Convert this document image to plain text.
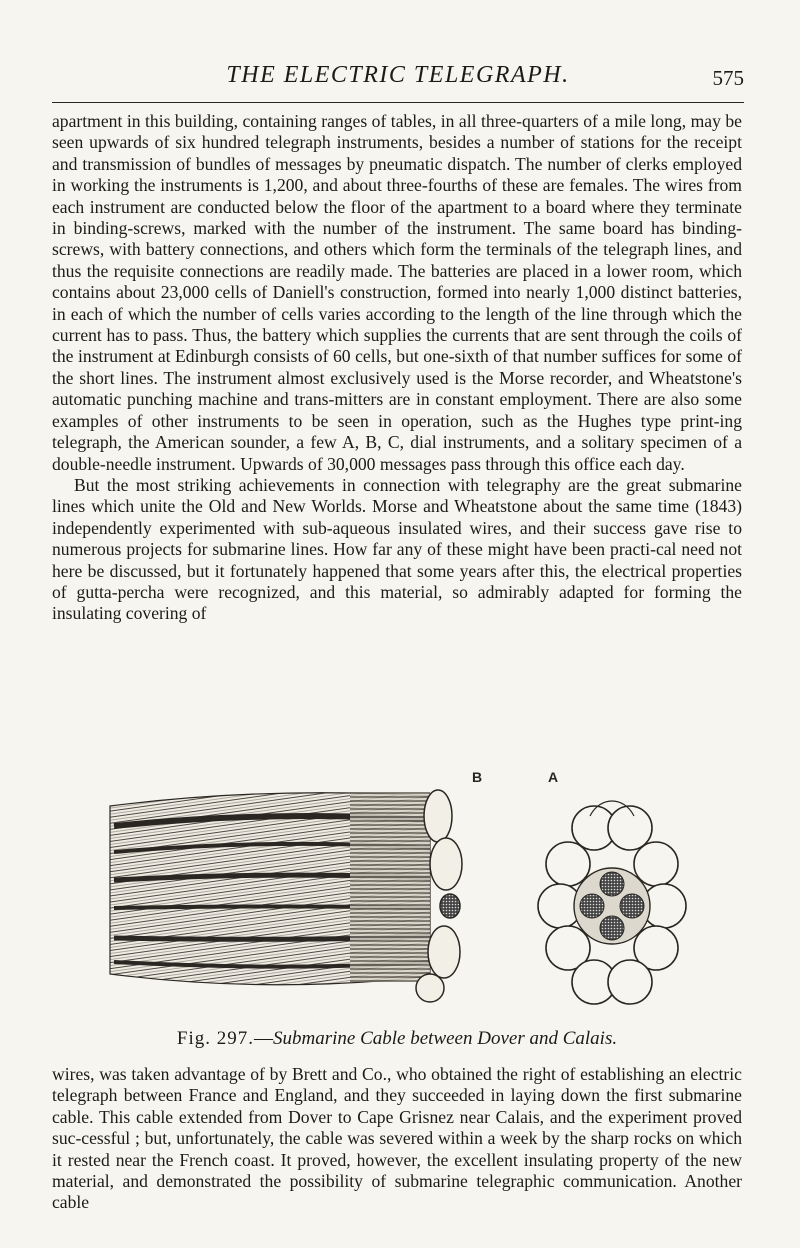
THE ELECTRIC TELEGRAPH.	575

apartment in this building, containing ranges of tables, in all three-quarters of a mile long, may be seen upwards of six hundred telegraph instruments, besides a number of stations for the receipt and transmission of bundles of messages by pneumatic dispatch. The number of clerks employed in working the instruments is 1,200, and about three-fourths of these are females. The wires from each instrument are conducted below the floor of the apartment to a board where they terminate in binding-screws, marked with the number of the instrument. The same board has binding-screws, with battery connections, and others which form the terminals of the telegraph lines, and thus the requisite connections are readily made. The batteries are placed in a lower room, which contains about 23,000 cells of Daniell's construction, formed into nearly 1,000 distinct batteries, in each of which the number of cells varies according to the length of the line through which the current has to pass. Thus, the battery which supplies the currents that are sent through the coils of the instrument at Edinburgh consists of 60 cells, but one-sixth of that number suffices for some of the short lines. The instrument almost exclusively used is the Morse recorder, and Wheatstone's automatic punching machine and trans-mitters are in constant employment. There are also some examples of other instruments to be seen in operation, such as the Hughes type print-ing telegraph, the American sounder, a few A, B, C, dial instruments, and a solitary specimen of a double-needle instrument. Upwards of 30,000 messages pass through this office each day.

But the most striking achievements in connection with telegraphy are the great submarine lines which unite the Old and New Worlds. Morse and Wheatstone about the same time (1843) independently experimented with sub-aqueous insulated wires, and their success gave rise to numerous projects for submarine lines. How far any of these might have been practi-cal need not here be discussed, but it fortunately happened that some years after this, the electrical properties of gutta-percha were recognized, and this material, so admirably adapted for forming the insulating covering of

B	A
Fig. 297.—Submarine Cable between Dover and Calais.

wires, was taken advantage of by Brett and Co., who obtained the right of establishing an electric telegraph between France and England, and they succeeded in laying down the first submarine cable. This cable extended from Dover to Cape Grisnez near Calais, and the experiment proved suc-cessful ; but, unfortunately, the cable was severed within a week by the sharp rocks on which it rested near the French coast. It proved, however, the excellent insulating property of the new material, and demonstrated the possibility of submarine telegraphic communication. Another cable
